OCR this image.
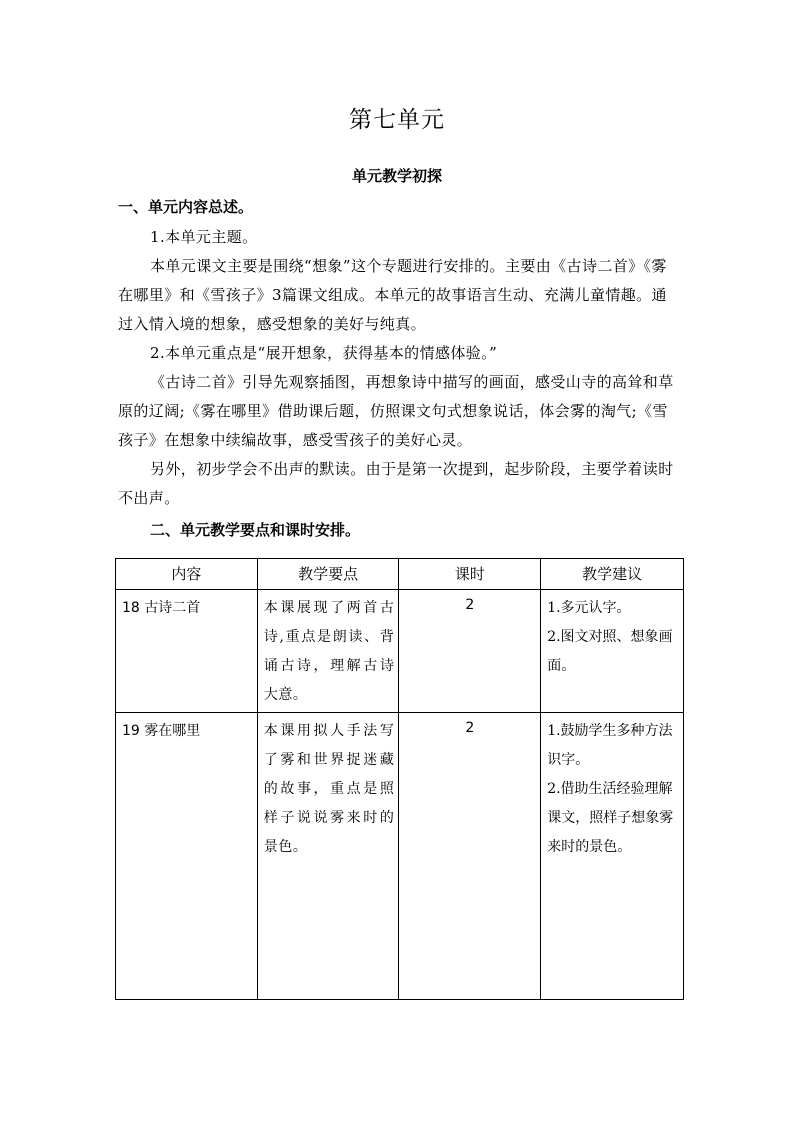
第七单元
单元教学初探
一、单元内容总述。
1.本单元主题。
本单元课文主要是围绕“想象”这个专题进行安排的。主要由《古诗二首》《雾在哪里》和《雪孩子》3篇课文组成。本单元的故事语言生动、充满儿童情趣。通过入情入境的想象，感受想象的美好与纯真。
2.本单元重点是“展开想象，获得基本的情感体验。”
《古诗二首》引导先观察插图，再想象诗中描写的画面，感受山寺的高耸和草原的辽阔;《雾在哪里》借助课后题，仿照课文句式想象说话，体会雾的淘气;《雪孩子》在想象中续编故事，感受雪孩子的美好心灵。
另外，初步学会不出声的默读。由于是第一次提到，起步阶段，主要学着读时不出声。
二、单元教学要点和课时安排。
内容	教学要点	课时	教学建议
18 古诗二首	本课展现了两首古诗,重点是朗读、背诵古诗，理解古诗大意。	2	1.多元认字。
2.图文对照、想象画面。

19 雾在哪里	本课用拟人手法写了雾和世界捉迷藏的故事，重点是照样子说说雾来时的景色。	2	1.鼓励学生多种方法识字。
2.借助生活经验理解课文，照样子想象雾来时的景色。
